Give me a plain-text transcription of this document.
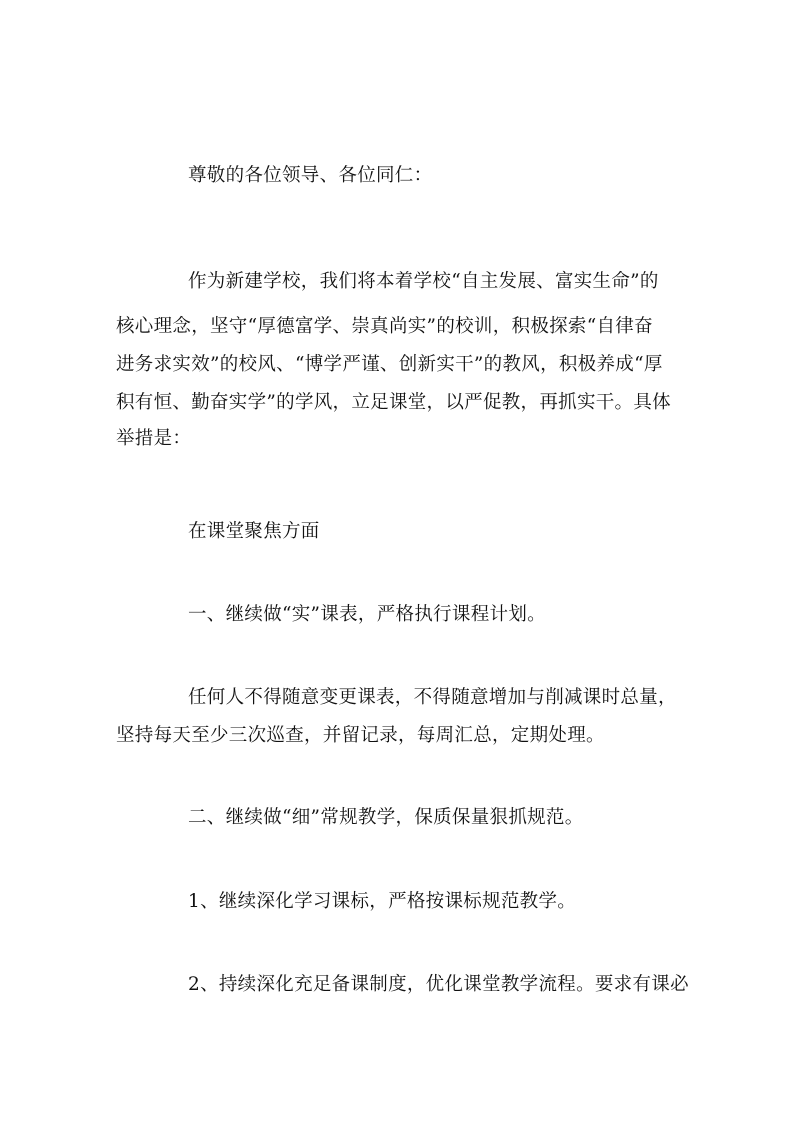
尊敬的各位领导、各位同仁：
作为新建学校，我们将本着学校“自主发展、富实生命”的
核心理念，坚守“厚德富学、崇真尚实”的校训，积极探索“自律奋
进务求实效”的校风、“博学严谨、创新实干”的教风，积极养成“厚
积有恒、勤奋实学”的学风，立足课堂，以严促教，再抓实干。具体
举措是：
在课堂聚焦方面
一、继续做“实”课表，严格执行课程计划。
任何人不得随意变更课表，不得随意增加与削减课时总量，
坚持每天至少三次巡查，并留记录，每周汇总，定期处理。
二、继续做“细”常规教学，保质保量狠抓规范。
1、继续深化学习课标，严格按课标规范教学。
2、持续深化充足备课制度，优化课堂教学流程。要求有课必
